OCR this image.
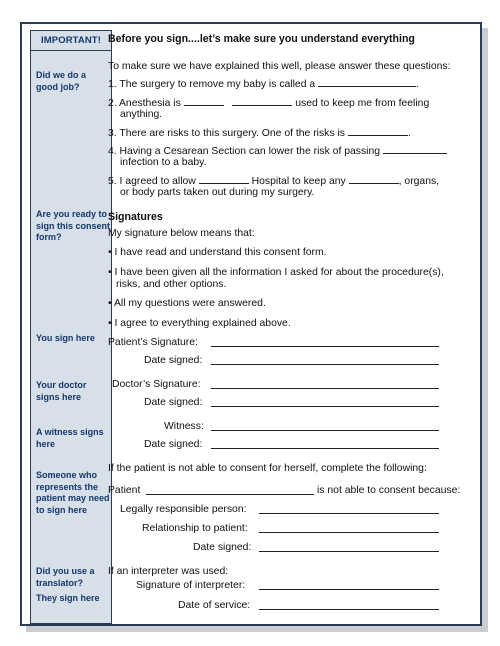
IMPORTANT!
Did we do a good job?
Are you ready to sign this consent form?
You sign here
Your doctor signs here
A witness signs here
Someone who represents the patient may need to sign here
Did you use a translator?
They sign here
Before you sign....let’s make sure you understand everything
To make sure we have explained this well, please answer these questions:
1. The surgery to remove my baby is called a	.
2. Anesthesia is	used to keep me from feeling
anything.
3. There are risks to this surgery. One of the risks is	.
4. Having a Cesarean Section can lower the risk of passing
infection to a baby.
5. I agreed to allow	Hospital to keep any	, organs,
or body parts taken out during my surgery.
Signatures
My signature below means that:
• I have read and understand this consent form.
• I have been given all the information I asked for about the procedure(s),
risks, and other options.
• All my questions were answered.
• I agree to everything explained above.
Patient’s Signature:
Date signed:
Doctor’s Signature:
Date signed:
Witness:
Date signed:
If the patient is not able to consent for herself, complete the following:
Patient	is not able to consent because:
Legally responsible person:
Relationship to patient:
Date signed:
If an interpreter was used:
Signature of interpreter:
Date of service:
